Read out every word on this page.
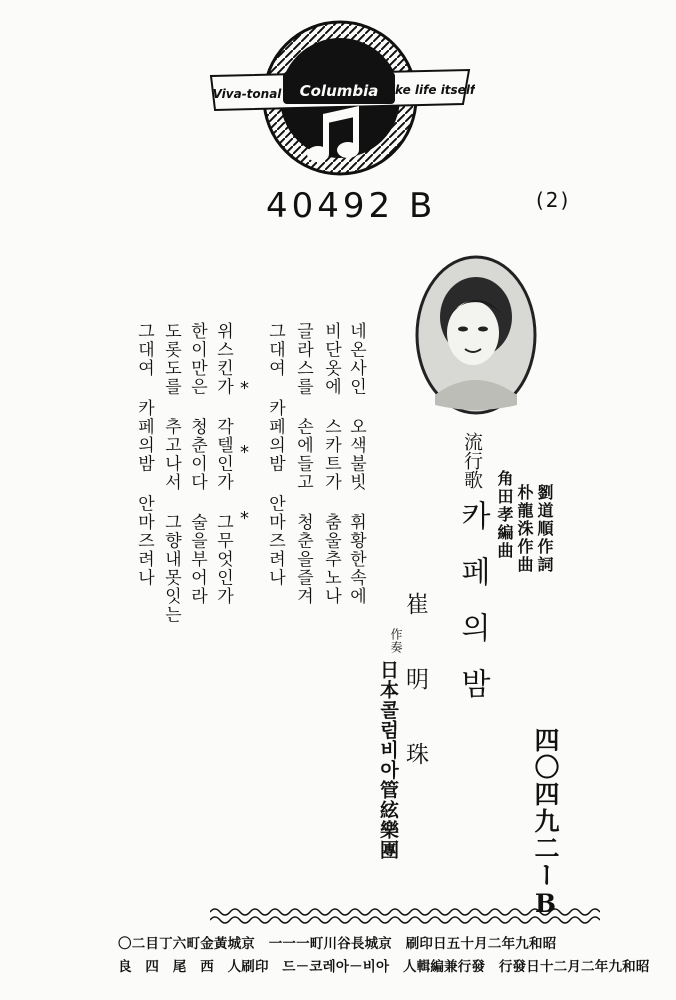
Viva-tonal Columbia like life itself
40492 B	(2)
四〇四九二ーB
劉道順作詞
朴龍洙作曲
角田孝編曲
流行歌
카페의밤
崔明珠
作奏
日本콜럼비아管絃樂團
네온사인 오색불빗 휘황한속에
비단옷에 스카트가 춤울추노나
글라스를 손에들고 청춘을즐겨
그대여 카페의밤 안마즈려나
*
*
*
위스킨가 각텔인가 그무엇인가
한이만은 청춘이다 술을부어라
도롯도를 추고나서 그향내못잇는
그대여 카페의밤 안마즈려나
〇二目丁六町金黃城京　一一一町川谷長城京　刷印日五十月二年九和昭
良　四　尾　西　人刷印　드－코레아－비아　人輯編兼行發　行發日十二月二年九和昭
